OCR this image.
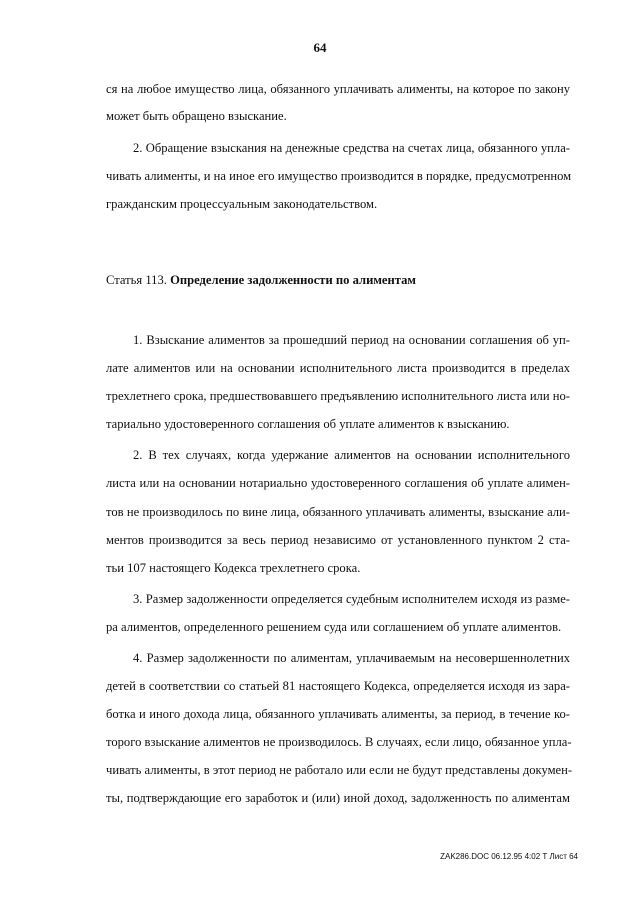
64
ся на любое имущество лица, обязанного уплачивать алименты, на которое по закону
может быть обращено взыскание.
2. Обращение взыскания на денежные средства на счетах лица, обязанного упла-
чивать алименты, и на иное его имущество производится в порядке, предусмотренном
гражданским процессуальным законодательством.
Статья 113. Определение задолженности по алиментам
1. Взыскание алиментов за прошедший период на основании соглашения об уп-
лате алиментов или на основании исполнительного листа производится в пределах
трехлетнего срока, предшествовавшего предъявлению исполнительного листа или но-
тариально удостоверенного соглашения об уплате алиментов к взысканию.
2. В тех случаях, когда удержание алиментов на основании исполнительного
листа или на основании нотариально удостоверенного соглашения об уплате алимен-
тов не производилось по вине лица, обязанного уплачивать алименты, взыскание али-
ментов производится за весь период независимо от установленного пунктом 2 ста-
тьи 107 настоящего Кодекса трехлетнего срока.
3. Размер задолженности определяется судебным исполнителем исходя из разме-
ра алиментов, определенного решением суда или соглашением об уплате алиментов.
4. Размер задолженности по алиментам, уплачиваемым на несовершеннолетних
детей в соответствии со статьей 81 настоящего Кодекса, определяется исходя из зара-
ботка и иного дохода лица, обязанного уплачивать алименты, за период, в течение ко-
торого взыскание алиментов не производилось. В случаях, если лицо, обязанное упла-
чивать алименты, в этот период не работало или если не будут представлены докумен-
ты, подтверждающие его заработок и (или) иной доход, задолженность по алиментам
ZAK286.DOC 06.12.95 4:02 Т Лист 64
